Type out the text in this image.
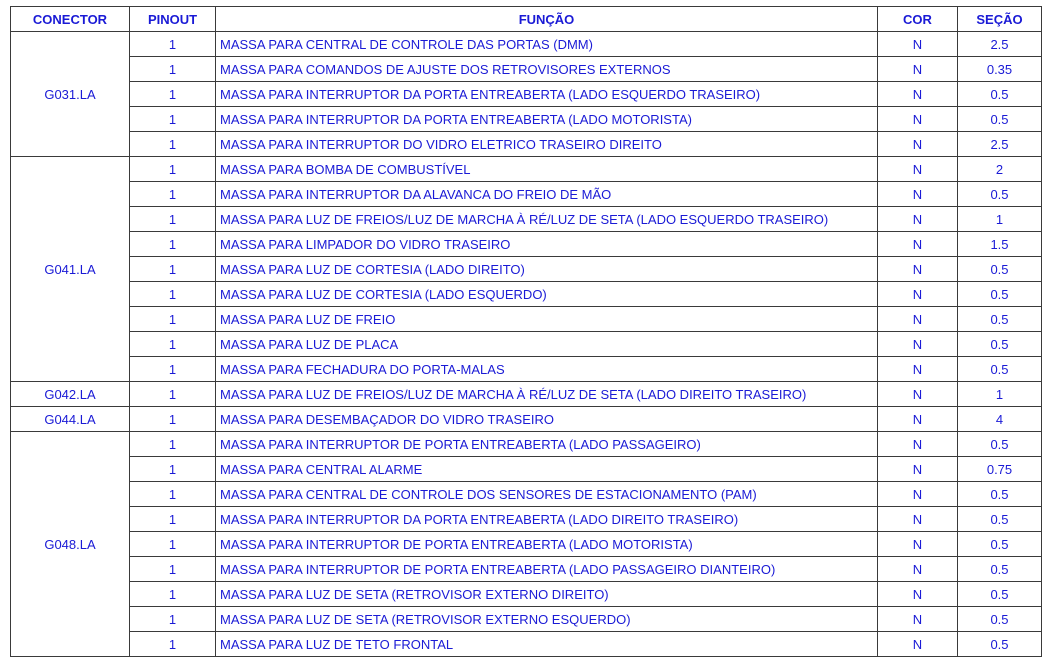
CONECTOR	PINOUT	FUNÇÃO	COR	SEÇÃO
G031.LA	1	MASSA PARA CENTRAL DE CONTROLE DAS PORTAS (DMM)	N	2.5
	1	MASSA PARA COMANDOS DE AJUSTE DOS RETROVISORES EXTERNOS	N	0.35
	1	MASSA PARA INTERRUPTOR DA PORTA ENTREABERTA (LADO ESQUERDO TRASEIRO)	N	0.5
	1	MASSA PARA INTERRUPTOR DA PORTA ENTREABERTA (LADO MOTORISTA)	N	0.5
	1	MASSA PARA INTERRUPTOR DO VIDRO ELETRICO TRASEIRO DIREITO	N	2.5
G041.LA	1	MASSA PARA BOMBA DE COMBUSTÍVEL	N	2
	1	MASSA PARA INTERRUPTOR DA ALAVANCA DO FREIO DE MÃO	N	0.5
	1	MASSA PARA LUZ DE FREIOS/LUZ DE MARCHA À RÉ/LUZ DE SETA (LADO ESQUERDO TRASEIRO)	N	1
	1	MASSA PARA LIMPADOR DO VIDRO TRASEIRO	N	1.5
	1	MASSA PARA LUZ DE CORTESIA (LADO DIREITO)	N	0.5
	1	MASSA PARA LUZ DE CORTESIA (LADO ESQUERDO)	N	0.5
	1	MASSA PARA LUZ DE FREIO	N	0.5
	1	MASSA PARA LUZ DE PLACA	N	0.5
	1	MASSA PARA FECHADURA DO PORTA-MALAS	N	0.5
G042.LA	1	MASSA PARA LUZ DE FREIOS/LUZ DE MARCHA À RÉ/LUZ DE SETA (LADO DIREITO TRASEIRO)	N	1
G044.LA	1	MASSA PARA DESEMBAÇADOR DO VIDRO TRASEIRO	N	4
G048.LA	1	MASSA PARA INTERRUPTOR DE PORTA ENTREABERTA (LADO PASSAGEIRO)	N	0.5
	1	MASSA PARA CENTRAL ALARME	N	0.75
	1	MASSA PARA CENTRAL DE CONTROLE DOS SENSORES DE ESTACIONAMENTO (PAM)	N	0.5
	1	MASSA PARA INTERRUPTOR DA PORTA ENTREABERTA (LADO DIREITO TRASEIRO)	N	0.5
	1	MASSA PARA INTERRUPTOR DE PORTA ENTREABERTA (LADO MOTORISTA)	N	0.5
	1	MASSA PARA INTERRUPTOR DE PORTA ENTREABERTA (LADO PASSAGEIRO DIANTEIRO)	N	0.5
	1	MASSA PARA LUZ DE SETA (RETROVISOR EXTERNO DIREITO)	N	0.5
	1	MASSA PARA LUZ DE SETA (RETROVISOR EXTERNO ESQUERDO)	N	0.5
	1	MASSA PARA LUZ DE TETO FRONTAL	N	0.5
